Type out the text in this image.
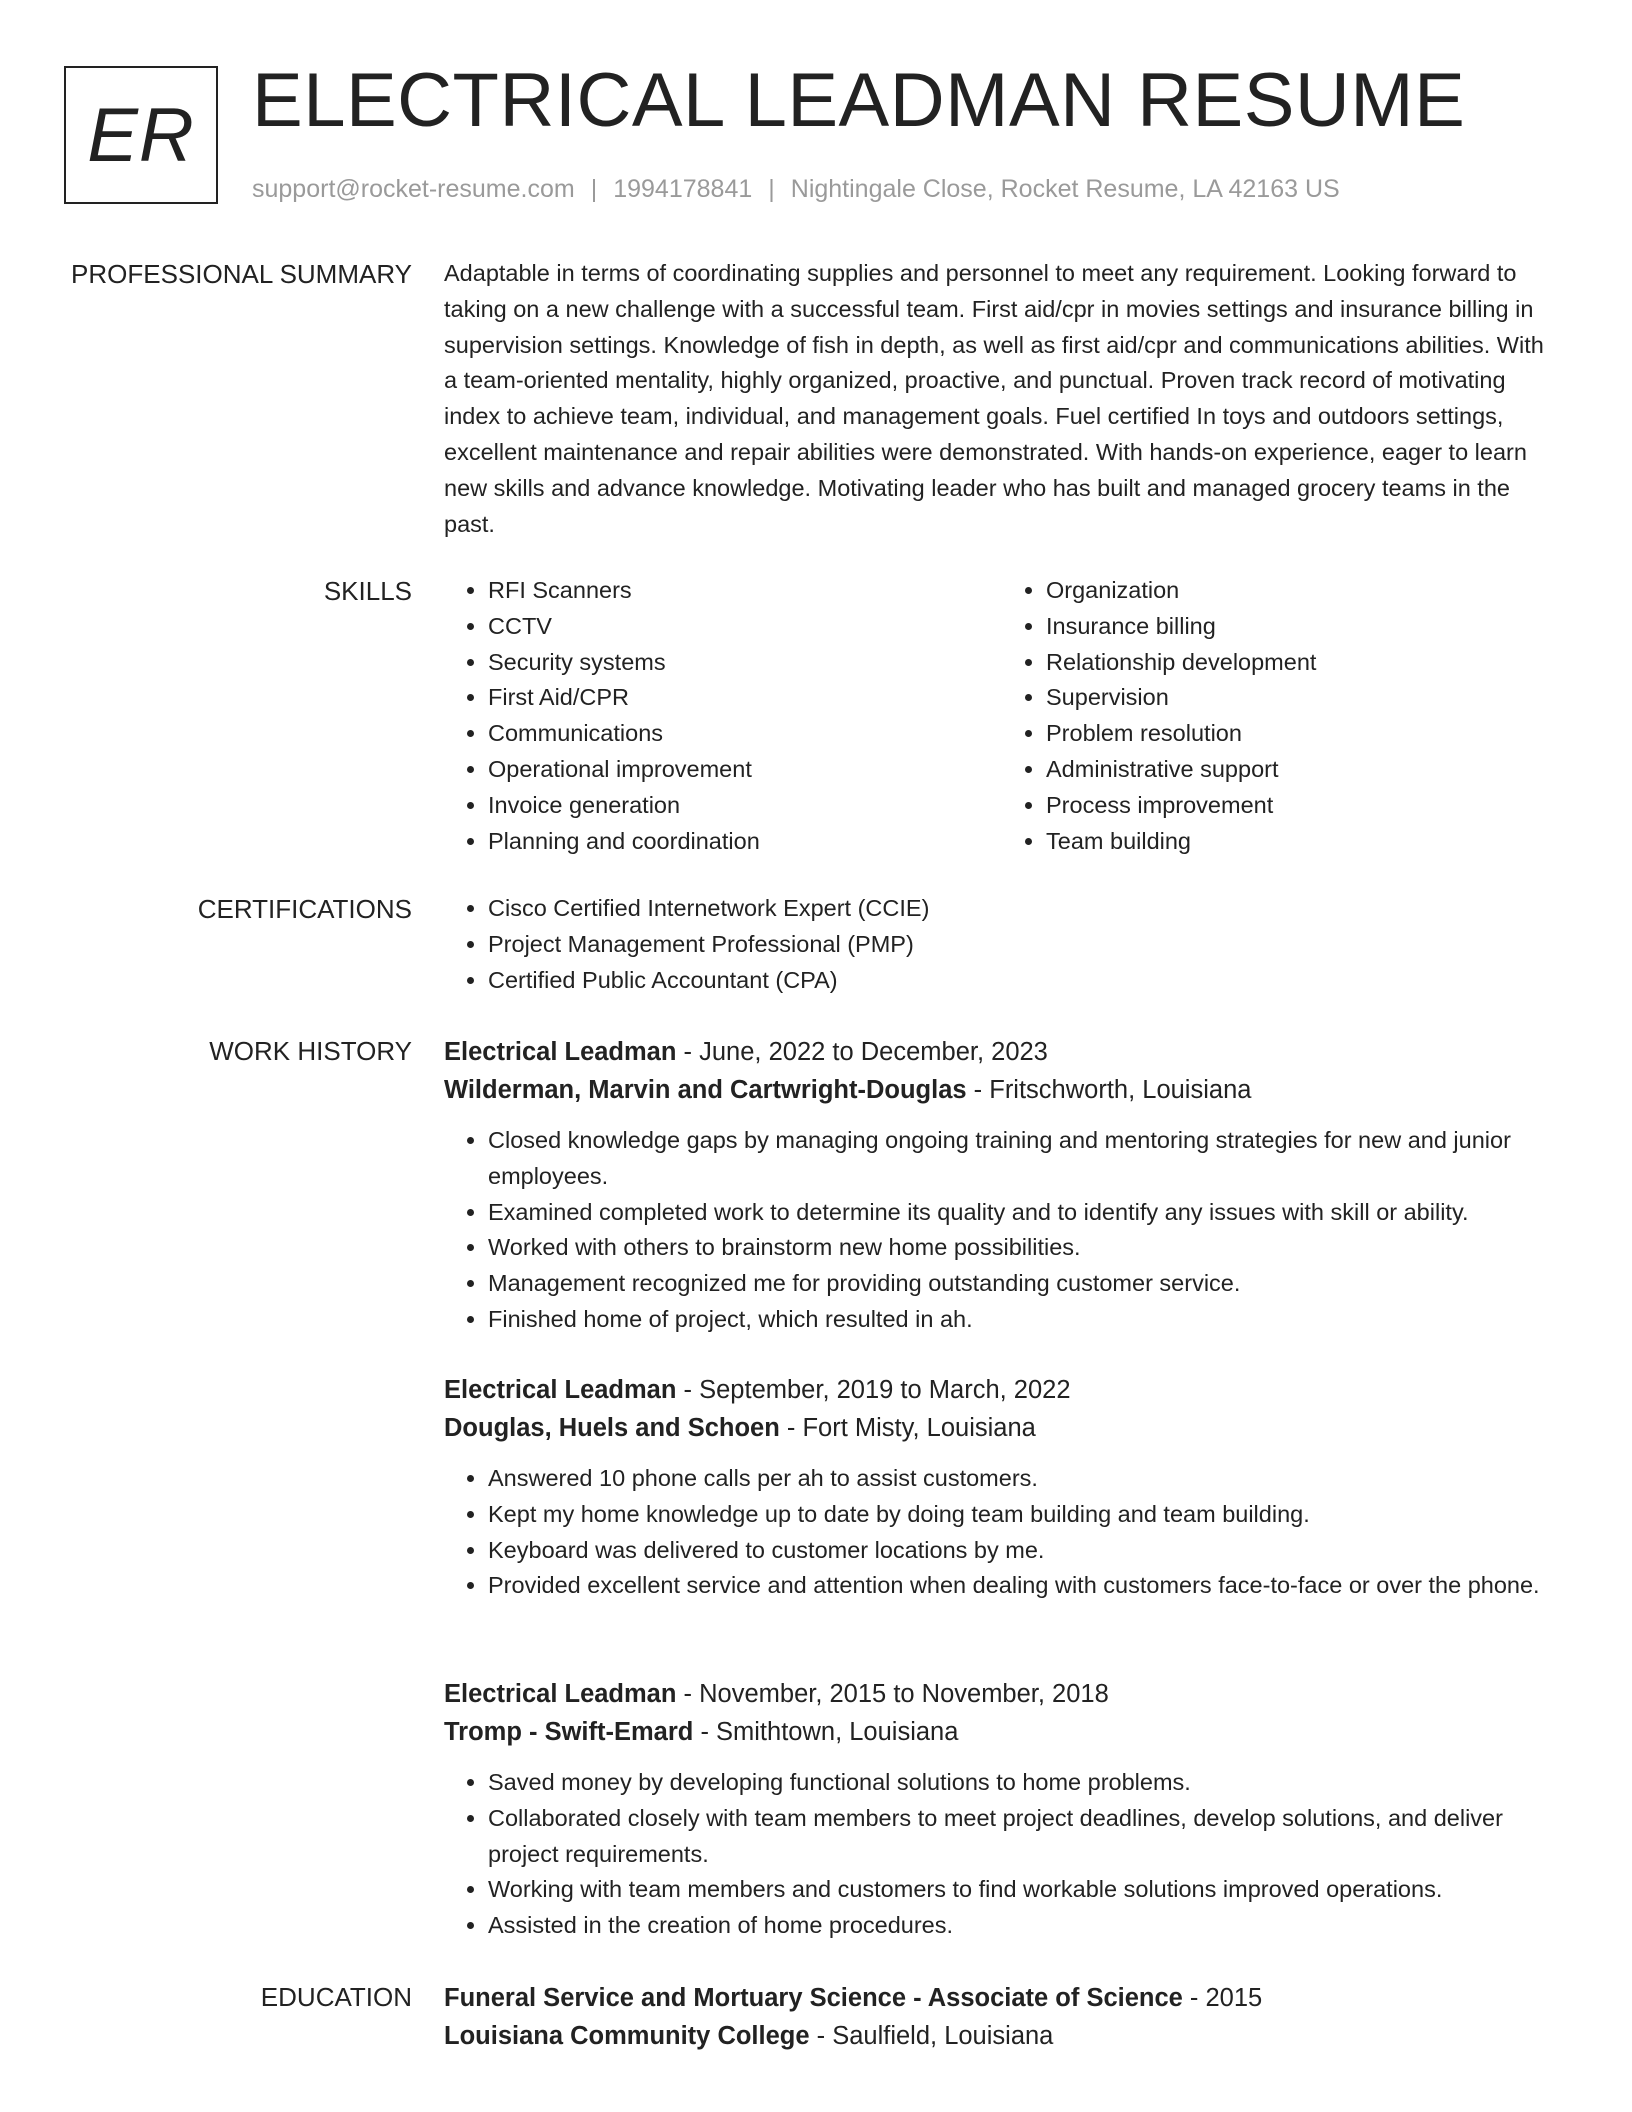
ER ELECTRICAL LEADMAN RESUME
support@rocket-resume.com | 1994178841 | Nightingale Close, Rocket Resume, LA 42163 US
PROFESSIONAL SUMMARY Adaptable in terms of coordinating supplies and personnel to meet any requirement. Looking forward to taking on a new challenge with a successful team. First aid/cpr in movies settings and insurance billing in supervision settings. Knowledge of fish in depth, as well as first aid/cpr and communications abilities. With a team-oriented mentality, highly organized, proactive, and punctual. Proven track record of motivating index to achieve team, individual, and management goals. Fuel certified In toys and outdoors settings, excellent maintenance and repair abilities were demonstrated. With hands-on experience, eager to learn new skills and advance knowledge. Motivating leader who has built and managed grocery teams in the past.

SKILLS	• RFI Scanners
• CCTV
• Security systems
• First Aid/CPR
• Communications
• Operational improvement
• Invoice generation
• Planning and coordination
• Organization
• Insurance billing
• Relationship development
• Supervision
• Problem resolution
• Administrative support
• Process improvement
• Team building
CERTIFICATIONS	• Cisco Certified Internetwork Expert (CCIE)
• Project Management Professional (PMP)
• Certified Public Accountant (CPA)
WORK HISTORY Electrical Leadman - June, 2022 to December, 2023
Wilderman, Marvin and Cartwright-Douglas - Fritschworth, Louisiana
• Closed knowledge gaps by managing ongoing training and mentoring strategies for new and junior employees.
• Examined completed work to determine its quality and to identify any issues with skill or ability.
• Worked with others to brainstorm new home possibilities.
• Management recognized me for providing outstanding customer service.
• Finished home of project, which resulted in ah.
Electrical Leadman - September, 2019 to March, 2022
Douglas, Huels and Schoen - Fort Misty, Louisiana
• Answered 10 phone calls per ah to assist customers.
• Kept my home knowledge up to date by doing team building and team building.
• Keyboard was delivered to customer locations by me.
• Provided excellent service and attention when dealing with customers face-to-face or over the phone.
Electrical Leadman - November, 2015 to November, 2018
Tromp - Swift-Emard - Smithtown, Louisiana
• Saved money by developing functional solutions to home problems.
• Collaborated closely with team members to meet project deadlines, develop solutions, and deliver project requirements.
• Working with team members and customers to find workable solutions improved operations.
• Assisted in the creation of home procedures.
EDUCATION Funeral Service and Mortuary Science - Associate of Science - 2015
Louisiana Community College - Saulfield, Louisiana
